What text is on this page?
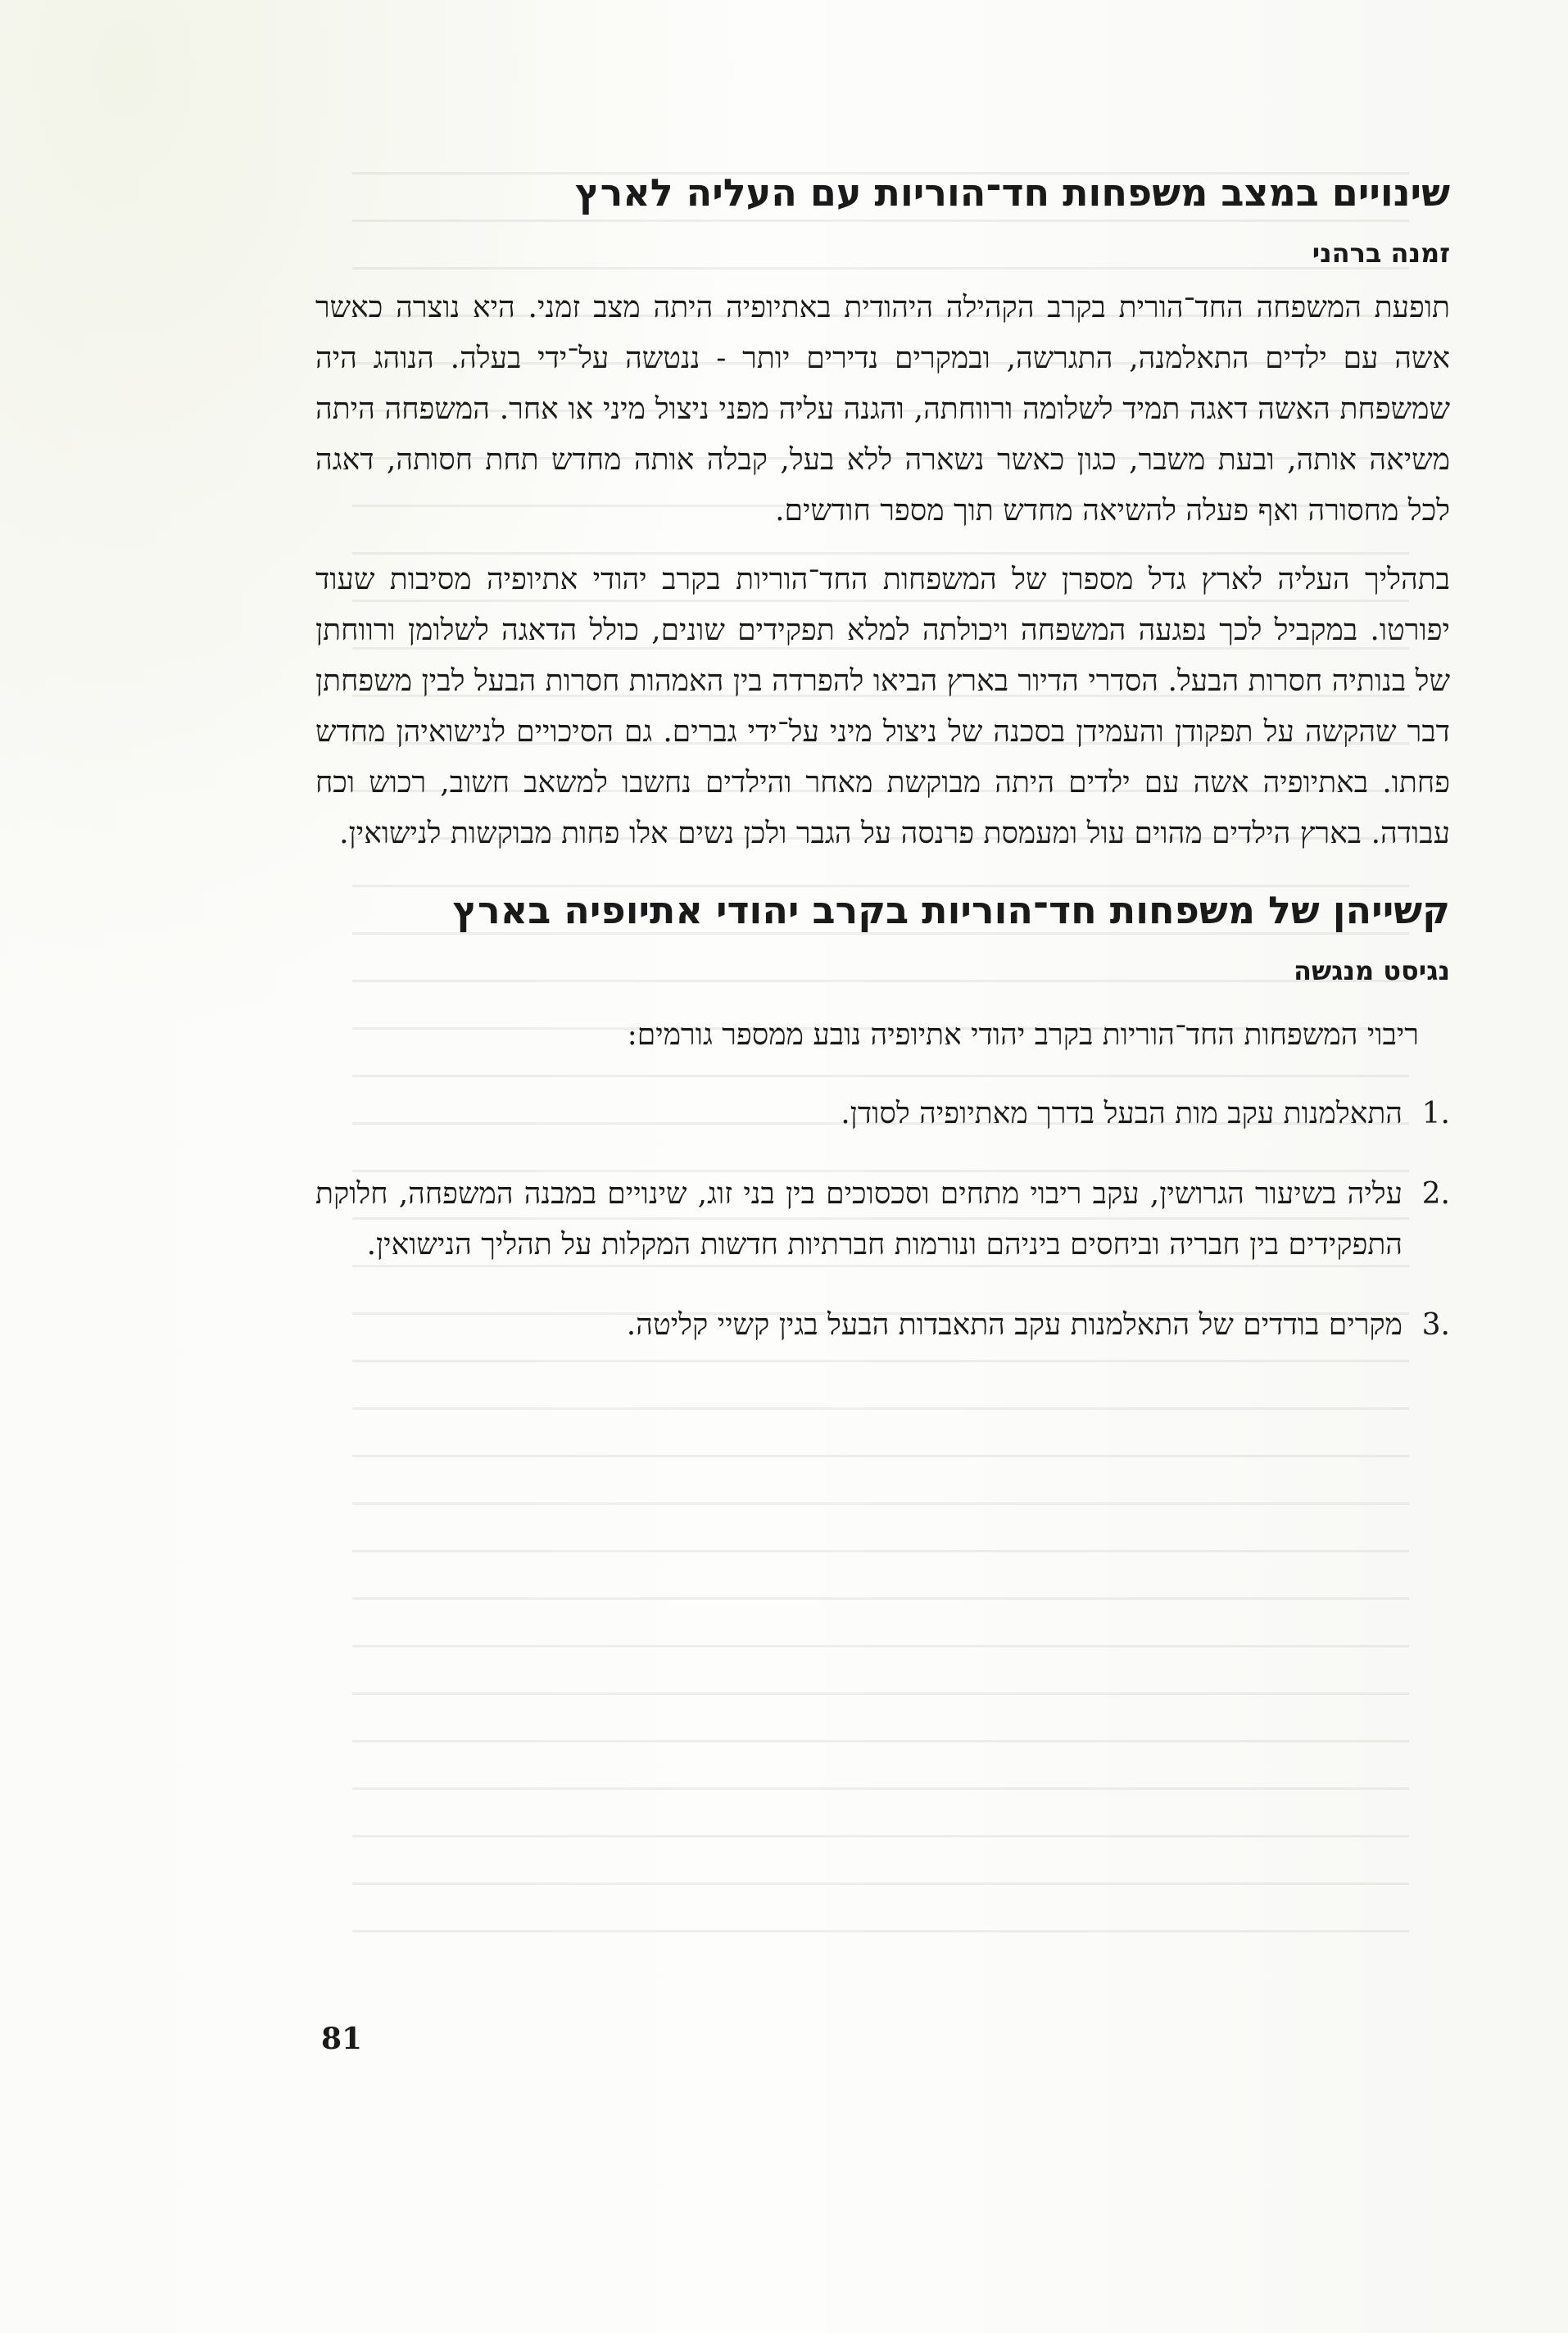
שינויים במצב משפחות חד־הוריות עם העליה לארץ
זמנה ברהני

תופעת המשפחה החד־הורית בקרב הקהילה היהודית באתיופיה היתה מצב זמני. היא נוצרה כאשר אשה עם ילדים התאלמנה, התגרשה, ובמקרים נדירים יותר - ננטשה על־ידי בעלה. הנוהג היה שמשפחת האשה דאגה תמיד לשלומה ורווחתה, והגנה עליה מפני ניצול מיני או אחר. המשפחה היתה משיאה אותה, ובעת משבר, כגון כאשר נשארה ללא בעל, קבלה אותה מחדש תחת חסותה, דאגה לכל מחסורה ואף פעלה להשיאה מחדש תוך מספר חודשים.

בתהליך העליה לארץ גדל מספרן של המשפחות החד־הוריות בקרב יהודי אתיופיה מסיבות שעוד יפורטו. במקביל לכך נפגעה המשפחה ויכולתה למלא תפקידים שונים, כולל הדאגה לשלומן ורווחתן של בנותיה חסרות הבעל. הסדרי הדיור בארץ הביאו להפרדה בין האמהות חסרות הבעל לבין משפחתן דבר שהקשה על תפקודן והעמידן בסכנה של ניצול מיני על־ידי גברים. גם הסיכויים לנישואיהן מחדש פחתו. באתיופיה אשה עם ילדים היתה מבוקשת מאחר והילדים נחשבו למשאב חשוב, רכוש וכח עבודה. בארץ הילדים מהוים עול ומעמסת פרנסה על הגבר ולכן נשים אלו פחות מבוקשות לנישואין.

קשייהן של משפחות חד־הוריות בקרב יהודי אתיופיה בארץ
נגיסט מנגשה

ריבוי המשפחות החד־הוריות בקרב יהודי אתיופיה נובע ממספר גורמים:

1.
התאלמנות עקב מות הבעל בדרך מאתיופיה לסודן.
2.
עליה בשיעור הגרושין, עקב ריבוי מתחים וסכסוכים בין בני זוג, שינויים במבנה המשפחה, חלוקת התפקידים בין חבריה וביחסים ביניהם ונורמות חברתיות חדשות המקלות על תהליך הנישואין.
3.
מקרים בודדים של התאלמנות עקב התאבדות הבעל בגין קשיי קליטה.
81
